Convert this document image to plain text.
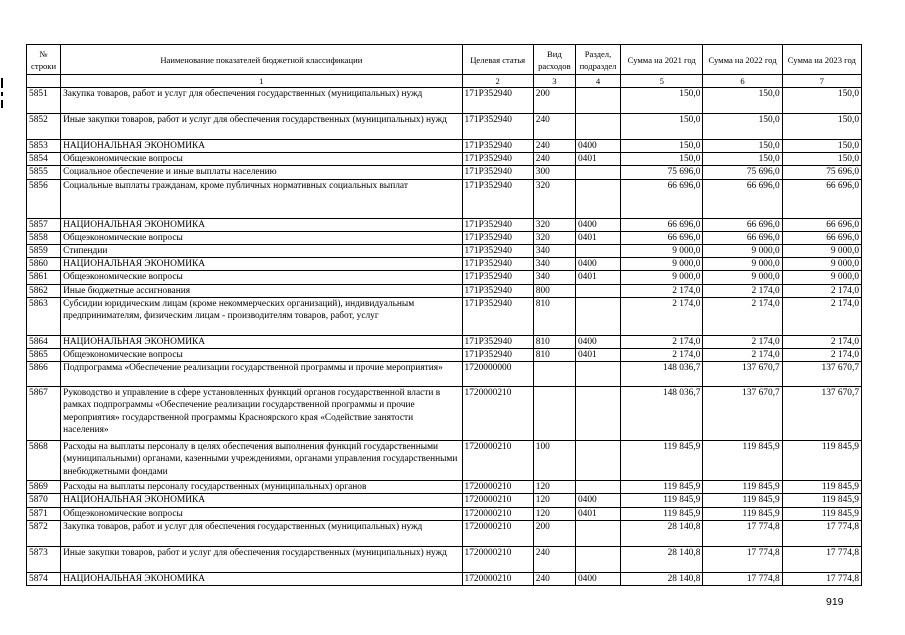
№ строки	Наименование показателей бюджетной классификации	Целевая статья	Вид расходов	Раздел, подраздел	Сумма на 2021 год	Сумма на 2022 год	Сумма на 2023 год
	1	2	3	4	5	6	7
5851	Закупка товаров, работ и услуг для обеспечения государственных (муниципальных) нужд	171P352940	200		150,0	150,0	150,0
5852	Иные закупки товаров, работ и услуг для обеспечения государственных (муниципальных) нужд	171P352940	240		150,0	150,0	150,0
5853	НАЦИОНАЛЬНАЯ ЭКОНОМИКА	171P352940	240	0400	150,0	150,0	150,0
5854	Общеэкономические вопросы	171P352940	240	0401	150,0	150,0	150,0
5855	Социальное обеспечение и иные выплаты населению	171P352940	300		75 696,0	75 696,0	75 696,0
5856	Социальные выплаты гражданам, кроме публичных нормативных социальных выплат	171P352940	320		66 696,0	66 696,0	66 696,0
5857	НАЦИОНАЛЬНАЯ ЭКОНОМИКА	171P352940	320	0400	66 696,0	66 696,0	66 696,0
5858	Общеэкономические вопросы	171P352940	320	0401	66 696,0	66 696,0	66 696,0
5859	Стипендии	171P352940	340		9 000,0	9 000,0	9 000,0
5860	НАЦИОНАЛЬНАЯ ЭКОНОМИКА	171P352940	340	0400	9 000,0	9 000,0	9 000,0
5861	Общеэкономические вопросы	171P352940	340	0401	9 000,0	9 000,0	9 000,0
5862	Иные бюджетные ассигнования	171P352940	800		2 174,0	2 174,0	2 174,0
5863	Субсидии юридическим лицам (кроме некоммерческих организаций), индивидуальным предпринимателям, физическим лицам - производителям товаров, работ, услуг	171P352940	810		2 174,0	2 174,0	2 174,0
5864	НАЦИОНАЛЬНАЯ ЭКОНОМИКА	171P352940	810	0400	2 174,0	2 174,0	2 174,0
5865	Общеэкономические вопросы	171P352940	810	0401	2 174,0	2 174,0	2 174,0
5866	Подпрограмма «Обеспечение реализации государственной программы и прочие мероприятия»	1720000000			148 036,7	137 670,7	137 670,7
5867	Руководство и управление в сфере установленных функций органов государственной власти в рамках подпрограммы «Обеспечение реализации государственной программы и прочие мероприятия» государственной программы Красноярского края «Содействие занятости населения»	1720000210			148 036,7	137 670,7	137 670,7
5868	Расходы на выплаты персоналу в целях обеспечения выполнения функций государственными (муниципальными) органами, казенными учреждениями, органами управления государственными внебюджетными фондами	1720000210	100		119 845,9	119 845,9	119 845,9
5869	Расходы на выплаты персоналу государственных (муниципальных) органов	1720000210	120		119 845,9	119 845,9	119 845,9
5870	НАЦИОНАЛЬНАЯ ЭКОНОМИКА	1720000210	120	0400	119 845,9	119 845,9	119 845,9
5871	Общеэкономические вопросы	1720000210	120	0401	119 845,9	119 845,9	119 845,9
5872	Закупка товаров, работ и услуг для обеспечения государственных (муниципальных) нужд	1720000210	200		28 140,8	17 774,8	17 774,8
5873	Иные закупки товаров, работ и услуг для обеспечения государственных (муниципальных) нужд	1720000210	240		28 140,8	17 774,8	17 774,8
5874	НАЦИОНАЛЬНАЯ ЭКОНОМИКА	1720000210	240	0400	28 140,8	17 774,8	17 774,8
919
